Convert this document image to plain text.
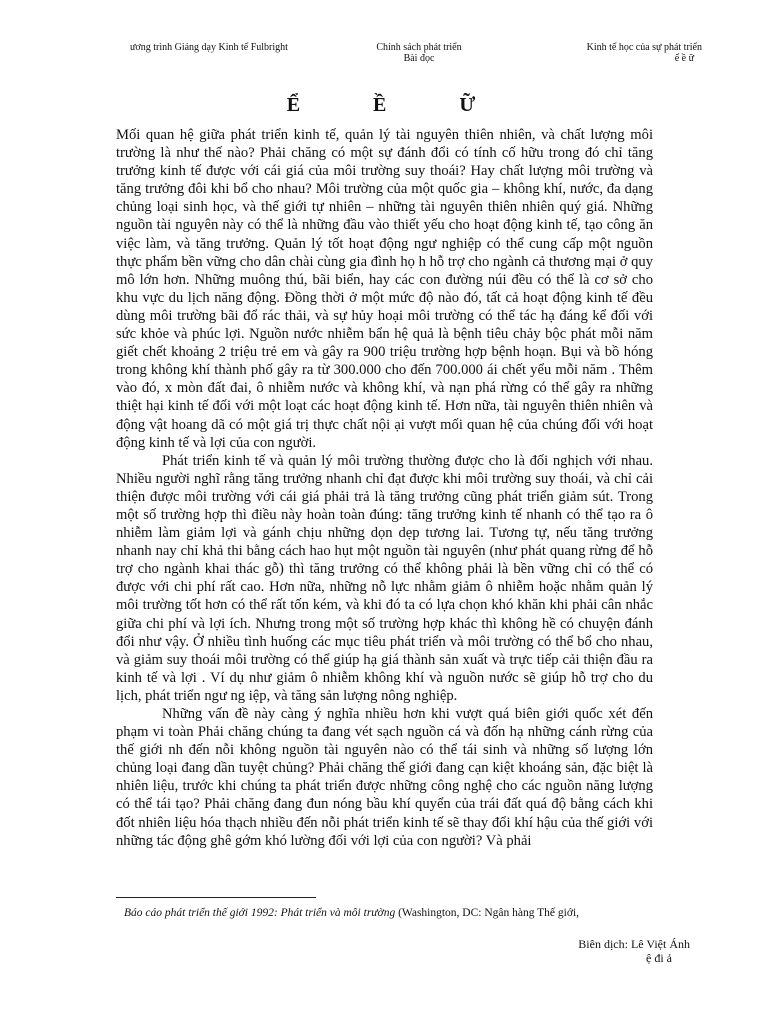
ương trình Giảng dạy Kinh tế Fulbright	Chính sách phát triển
Bài đọc
Kinh tế học của sự phát triển
ể ề ữ
Ể Ề Ữ

Mối quan hệ giữa phát triển kinh tế, quản lý tài nguyên thiên nhiên, và chất lượng môi trường là như thế nào? Phải chăng có một sự đánh đổi có tính cố hữu trong đó chỉ tăng trưởng kinh tế được với cái giá của môi trường suy thoái? Hay chất lượng môi trường và tăng trưởng đôi khi bổ cho nhau? Môi trường của một quốc gia – không khí, nước, đa dạng chủng loại sinh học, và thế giới tự nhiên – những tài nguyên thiên nhiên quý giá. Những nguồn tài nguyên này có thể là những đầu vào thiết yếu cho hoạt động kinh tế, tạo công ăn việc làm, và tăng trưởng. Quản lý tốt hoạt động ngư nghiệp có thể cung cấp một nguồn thực phẩm bền vững cho dân chài cùng gia đình họ h hỗ trợ cho ngành cả thương mại ở quy mô lớn hơn. Những muông thú, bãi biển, hay các con đường núi đều có thể là cơ sở cho khu vực du lịch năng động. Đồng thời ở một mức độ nào đó, tất cả hoạt động kinh tế đều dùng môi trường bãi đổ rác thải, và sự hủy hoại môi trường có thể tác hạ đáng kể đối với sức khỏe và phúc lợi. Nguồn nước nhiễm bẩn hệ quả là bệnh tiêu chảy bộc phát mỗi năm giết chết khoảng 2 triệu trẻ em và gây ra 900 triệu trường hợp bệnh hoạn. Bụi và bồ hóng trong không khí thành phố gây ra từ 300.000 cho đến 700.000 ái chết yểu mỗi năm . Thêm vào đó, x mòn đất đai, ô nhiễm nước và không khí, và nạn phá rừng có thể gây ra những thiệt hại kinh tế đối với một loạt các hoạt động kinh tế. Hơn nữa, tài nguyên thiên nhiên và động vật hoang dã có một giá trị thực chất nội ại vượt mối quan hệ của chúng đối với hoạt động kinh tế và lợi của con người.

Phát triển kinh tế và quản lý môi trường thường được cho là đối nghịch với nhau. Nhiều người nghĩ rằng tăng trưởng nhanh chỉ đạt được khi môi trường suy thoái, và chỉ cải thiện được môi trường với cái giá phải trả là tăng trưởng cũng phát triển giảm sút. Trong một số trường hợp thì điều này hoàn toàn đúng: tăng trưởng kinh tế nhanh có thể tạo ra ô nhiễm làm giảm lợi và gánh chịu những dọn dẹp tương lai. Tương tự, nếu tăng trưởng nhanh nay chỉ khả thi bằng cách hao hụt một nguồn tài nguyên (như phát quang rừng để hỗ trợ cho ngành khai thác gỗ) thì tăng trưởng có thể không phải là bền vững chỉ có thể có được với chi phí rất cao. Hơn nữa, những nỗ lực nhằm giảm ô nhiễm hoặc nhằm quản lý môi trường tốt hơn có thể rất tốn kém, và khi đó ta có lựa chọn khó khăn khi phải cân nhắc giữa chi phí và lợi ích. Nhưng trong một số trường hợp khác thì không hề có chuyện đánh đổi như vậy. Ở nhiều tình huống các mục tiêu phát triển và môi trường có thể bổ cho nhau, và giảm suy thoái môi trường có thể giúp hạ giá thành sản xuất và trực tiếp cải thiện đầu ra kinh tế và lợi . Ví dụ như giảm ô nhiễm không khí và nguồn nước sẽ giúp hỗ trợ cho du lịch, phát triển ngư ng iệp, và tăng sản lượng nông nghiệp.

Những vấn đề này càng ý nghĩa nhiều hơn khi vượt quá biên giới quốc xét đến phạm vi toàn Phải chăng chúng ta đang vét sạch nguồn cá và đốn hạ những cánh rừng của thế giới nh đến nỗi không nguồn tài nguyên nào có thể tái sinh và những số lượng lớn chủng loại đang dần tuyệt chủng? Phải chăng thế giới đang cạn kiệt khoáng sản, đặc biệt là nhiên liệu, trước khi chúng ta phát triển được những công nghệ cho các nguồn năng lượng có thể tái tạo? Phải chăng đang đun nóng bầu khí quyển của trái đất quá độ bằng cách khi đốt nhiên liệu hóa thạch nhiều đến nỗi phát triển kinh tế sẽ thay đổi khí hậu của thế giới với những tác động ghê gớm khó lường đối với lợi của con người? Và phải

Báo cáo phát triển thế giới 1992: Phát triển và môi trường (Washington, DC: Ngân hàng Thế giới,
Biên dịch: Lê Việt Ánh
ệ đi ả
